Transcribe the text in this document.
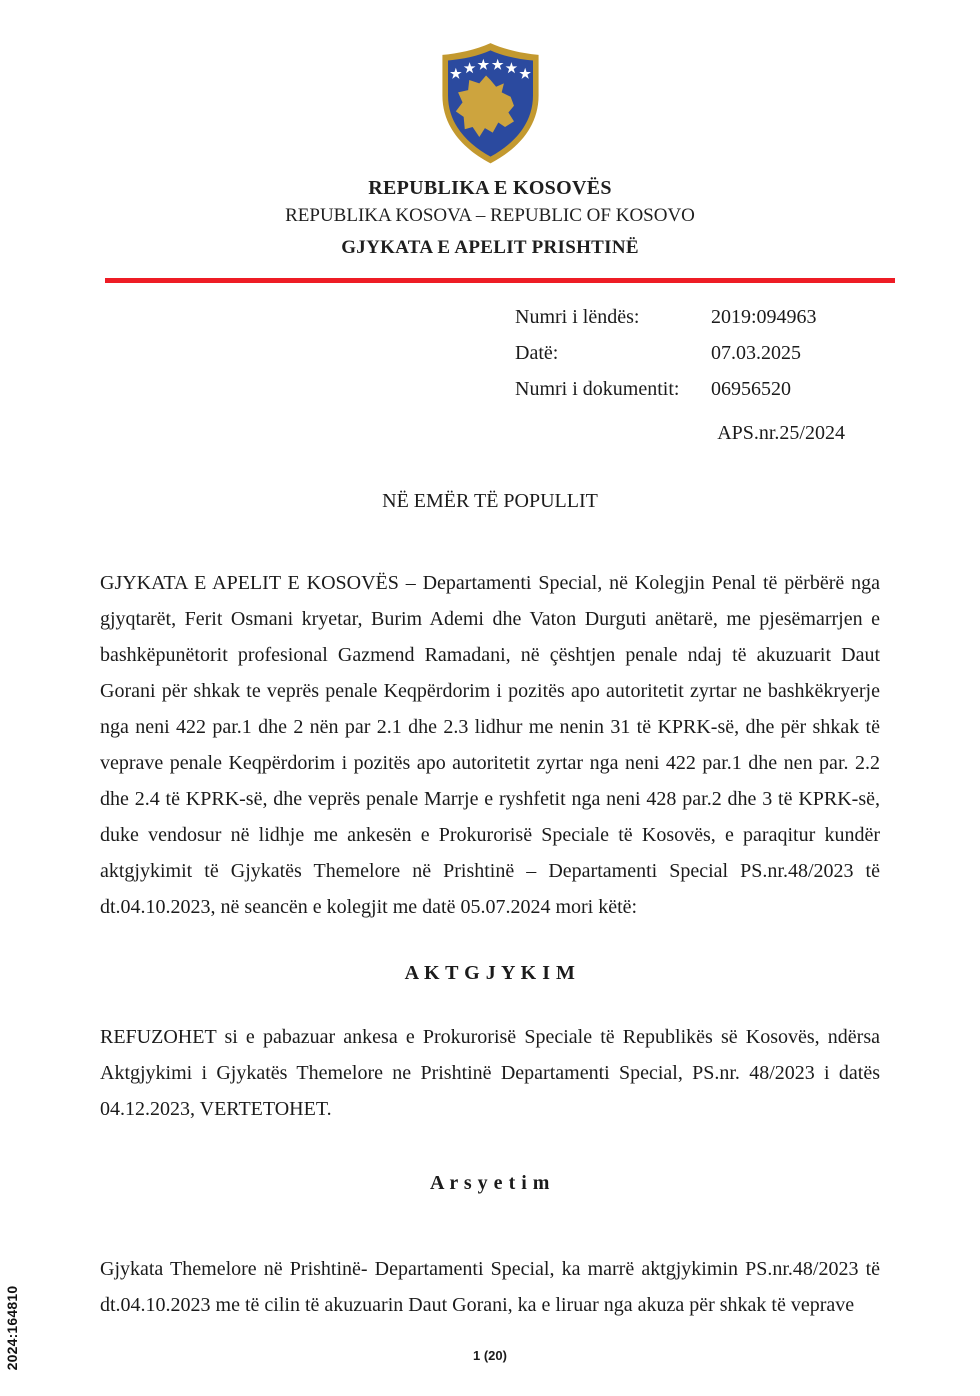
REPUBLIKA E KOSOVËS
REPUBLIKA KOSOVA – REPUBLIC OF KOSOVO
GJYKATA E APELIT PRISHTINË
Numri i lëndës:	2019:094963
Datë:	07.03.2025
Numri i dokumentit:	06956520
APS.nr.25/2024
NË EMËR TË POPULLIT

GJYKATA E APELIT E KOSOVËS – Departamenti Special, në Kolegjin Penal të përbërë nga gjyqtarët, Ferit Osmani kryetar, Burim Ademi dhe Vaton Durguti anëtarë, me pjesëmarrjen e bashkëpunëtorit profesional Gazmend Ramadani, në çështjen penale ndaj të akuzuarit Daut Gorani për shkak te veprës penale Keqpërdorim i pozitës apo autoritetit zyrtar ne bashkëkryerje nga neni 422 par.1 dhe 2 nën par 2.1 dhe 2.3 lidhur me nenin 31 të KPRK-së, dhe për shkak të veprave penale Keqpërdorim i pozitës apo autoritetit zyrtar nga neni 422 par.1 dhe nen par. 2.2 dhe 2.4 të KPRK-së, dhe veprës penale Marrje e ryshfetit nga neni 428 par.2 dhe 3 të KPRK-së, duke vendosur në lidhje me ankesën e Prokurorisë Speciale të Kosovës, e paraqitur kundër aktgjykimit të Gjykatës Themelore në Prishtinë – Departamenti Special PS.nr.48/2023 të dt.04.10.2023, në seancën e kolegjit me datë 05.07.2024 mori këtë:

A K T G J Y K I M

REFUZOHET si e pabazuar ankesa e Prokurorisë Speciale të Republikës së Kosovës, ndërsa Aktgjykimi i Gjykatës Themelore ne Prishtinë Departamenti Special, PS.nr. 48/2023 i datës 04.12.2023, VERTETOHET.

A r s y e t i m

Gjykata Themelore në Prishtinë- Departamenti Special, ka marrë aktgjykimin PS.nr.48/2023 të dt.04.10.2023 me të cilin të akuzuarin Daut Gorani, ka e liruar nga akuza për shkak të veprave

2024:164810	1 (20)
